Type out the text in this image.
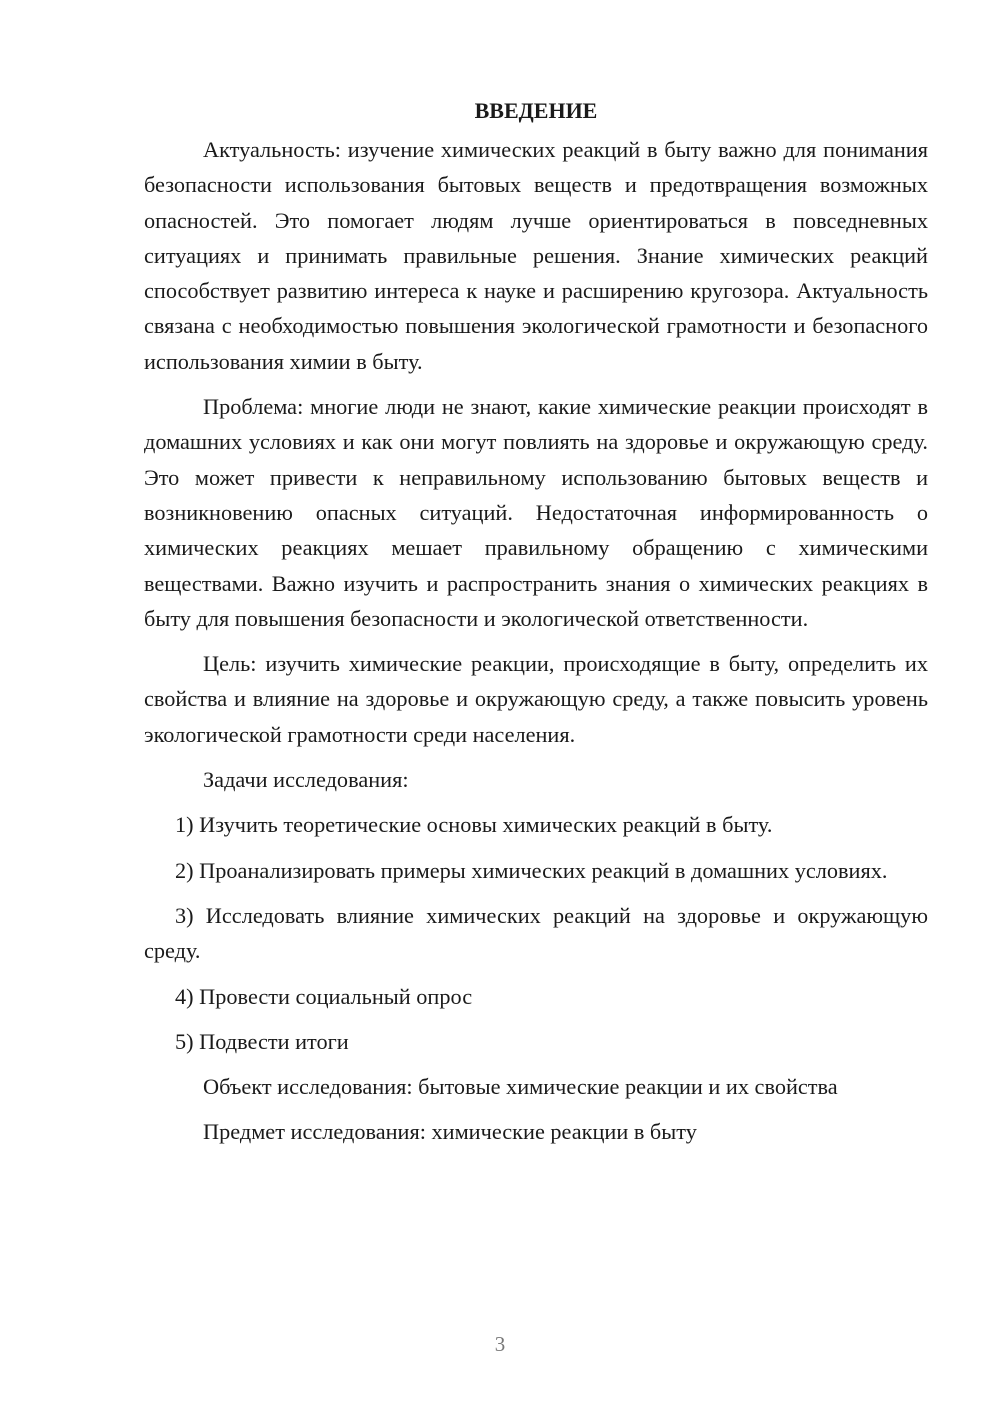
ВВЕДЕНИЕ

Актуальность: изучение химических реакций в быту важно для понимания безопасности использования бытовых веществ и предотвращения возможных опасностей. Это помогает людям лучше ориентироваться в повседневных ситуациях и принимать правильные решения. Знание химических реакций способствует развитию интереса к науке и расширению кругозора. Актуальность связана с необходимостью повышения экологической грамотности и безопасного использования химии в быту.

Проблема: многие люди не знают, какие химические реакции происходят в домашних условиях и как они могут повлиять на здоровье и окружающую среду. Это может привести к неправильному использованию бытовых веществ и возникновению опасных ситуаций. Недостаточная информированность о химических реакциях мешает правильному обращению с химическими веществами. Важно изучить и распространить знания о химических реакциях в быту для повышения безопасности и экологической ответственности.

Цель: изучить химические реакции, происходящие в быту, определить их свойства и влияние на здоровье и окружающую среду, а также повысить уровень экологической грамотности среди населения.

Задачи исследования:

1) Изучить теоретические основы химических реакций в быту.

2) Проанализировать примеры химических реакций в домашних условиях.

3) Исследовать влияние химических реакций на здоровье и окружающую среду.

4) Провести социальный опрос

5) Подвести итоги

Объект исследования: бытовые химические реакции и их свойства

Предмет исследования: химические реакции в быту

3
